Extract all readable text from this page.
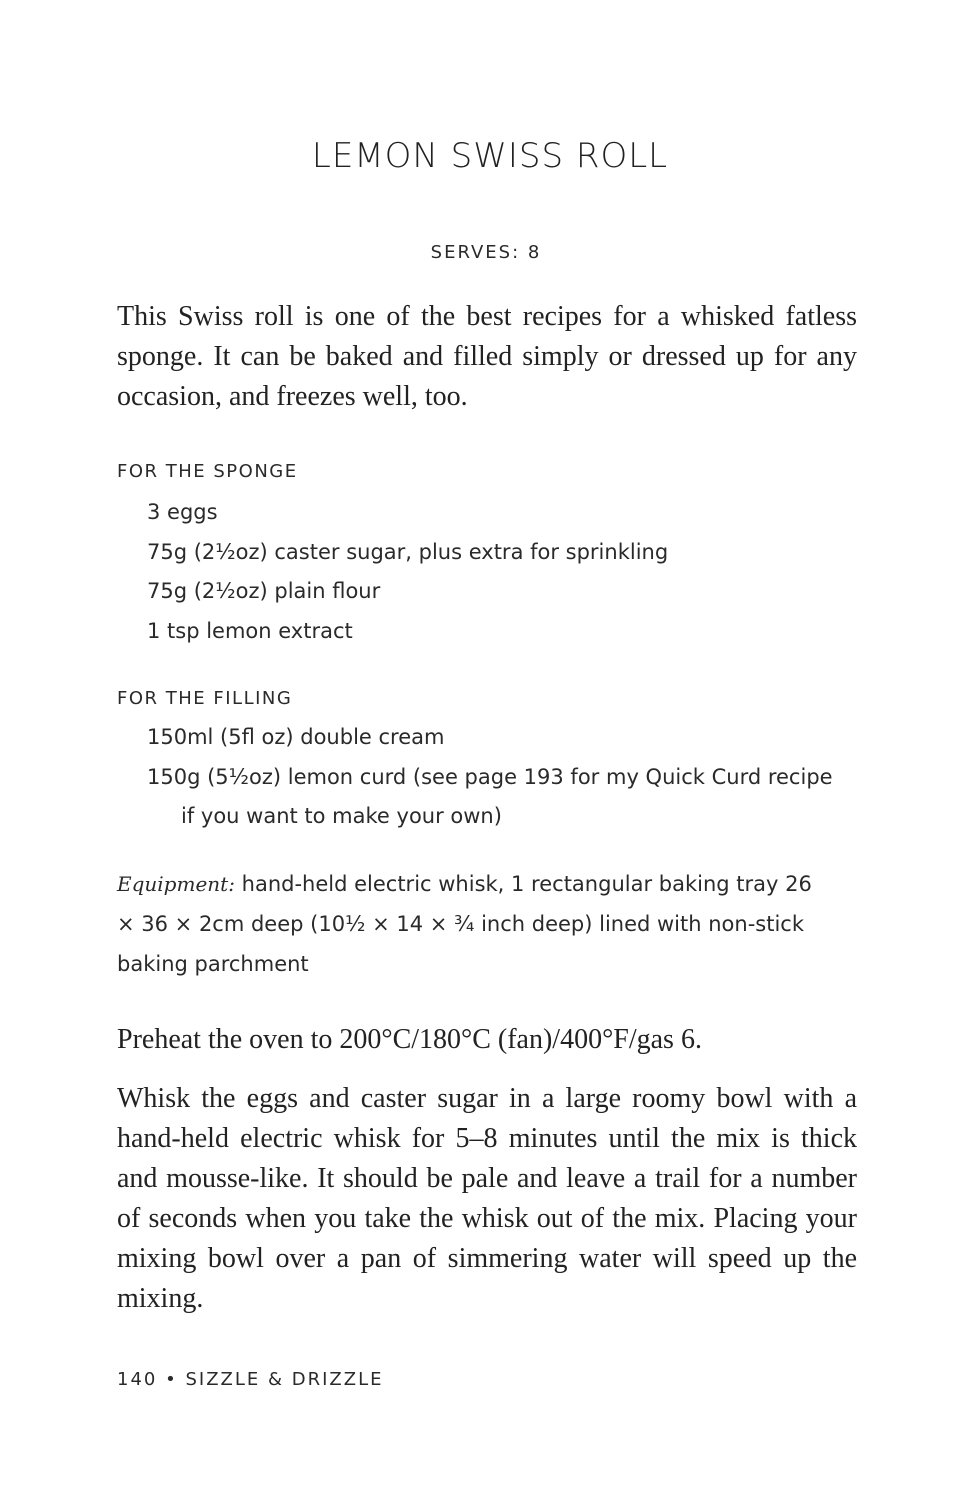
LEMON SWISS ROLL
SERVES: 8

This Swiss roll is one of the best recipes for a whisked fatless sponge. It can be baked and filled simply or dressed up for any occasion, and freezes well, too.

FOR THE SPONGE
3 eggs
75g (2½oz) caster sugar, plus extra for sprinkling
75g (2½oz) plain flour
1 tsp lemon extract
FOR THE FILLING
150ml (5fl oz) double cream
150g (5½oz) lemon curd (see page 193 for my Quick Curd recipe if you want to make your own)
Equipment: hand-held electric whisk, 1 rectangular baking tray 26 × 36 × 2cm deep (10½ × 14 × ¾ inch deep) lined with non-stick baking parchment

Preheat the oven to 200°C/180°C (fan)/400°F/gas 6.

Whisk the eggs and caster sugar in a large roomy bowl with a hand-held electric whisk for 5–8 minutes until the mix is thick and mousse-like. It should be pale and leave a trail for a number of seconds when you take the whisk out of the mix. Placing your mixing bowl over a pan of simmering water will speed up the mixing.

140 • SIZZLE & DRIZZLE
